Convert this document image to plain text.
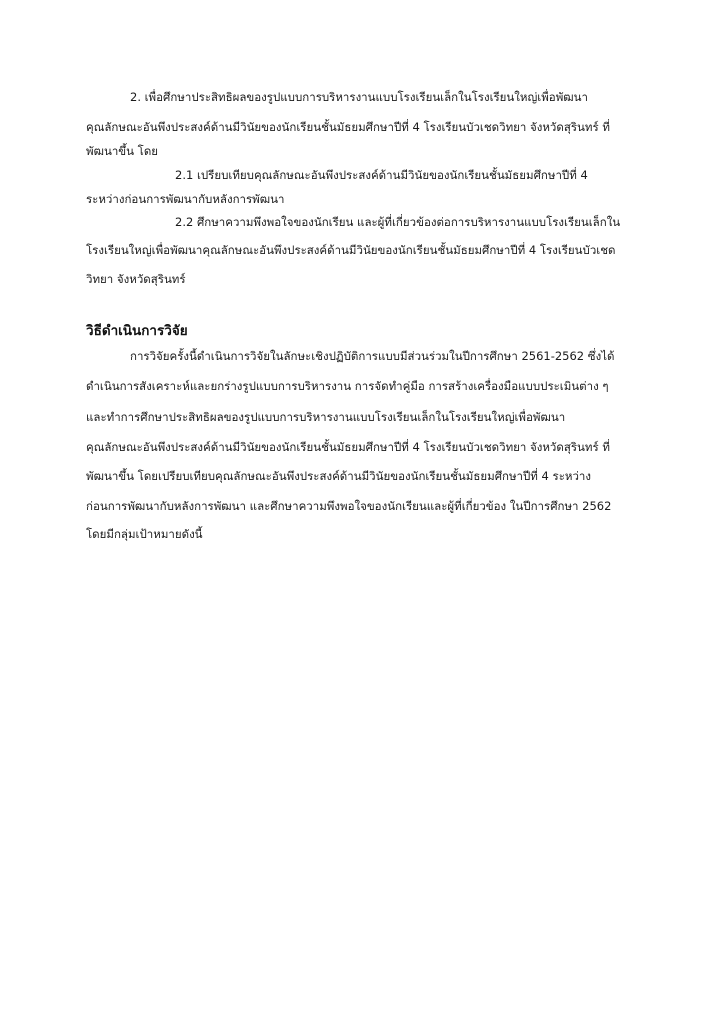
2. เพื่อศึกษาประสิทธิผลของรูปแบบการบริหารงานแบบโรงเรียนเล็กในโรงเรียนใหญ่เพื่อพัฒนา
คุณลักษณะอันพึงประสงค์ด้านมีวินัยของนักเรียนชั้นมัธยมศึกษาปีที่ 4 โรงเรียนบัวเชดวิทยา จังหวัดสุรินทร์ ที่
พัฒนาขึ้น โดย
2.1 เปรียบเทียบคุณลักษณะอันพึงประสงค์ด้านมีวินัยของนักเรียนชั้นมัธยมศึกษาปีที่ 4
ระหว่างก่อนการพัฒนากับหลังการพัฒนา
2.2 ศึกษาความพึงพอใจของนักเรียน และผู้ที่เกี่ยวข้องต่อการบริหารงานแบบโรงเรียนเล็กใน
โรงเรียนใหญ่เพื่อพัฒนาคุณลักษณะอันพึงประสงค์ด้านมีวินัยของนักเรียนชั้นมัธยมศึกษาปีที่ 4 โรงเรียนบัวเชด
วิทยา จังหวัดสุรินทร์
วิธีดำเนินการวิจัย
การวิจัยครั้งนี้ดำเนินการวิจัยในลักษะเชิงปฏิบัติการแบบมีส่วนร่วมในปีการศึกษา 2561-2562 ซึ่งได้
ดำเนินการสังเคราะห์และยกร่างรูปแบบการบริหารงาน การจัดทำคู่มือ การสร้างเครื่องมือแบบประเมินต่าง ๆ
และทำการศึกษาประสิทธิผลของรูปแบบการบริหารงานแบบโรงเรียนเล็กในโรงเรียนใหญ่เพื่อพัฒนา
คุณลักษณะอันพึงประสงค์ด้านมีวินัยของนักเรียนชั้นมัธยมศึกษาปีที่ 4 โรงเรียนบัวเชดวิทยา จังหวัดสุรินทร์ ที่
พัฒนาขึ้น โดยเปรียบเทียบคุณลักษณะอันพึงประสงค์ด้านมีวินัยของนักเรียนชั้นมัธยมศึกษาปีที่ 4 ระหว่าง
ก่อนการพัฒนากับหลังการพัฒนา และศึกษาความพึงพอใจของนักเรียนและผู้ที่เกี่ยวข้อง ในปีการศึกษา 2562
โดยมีกลุ่มเป้าหมายดังนี้
